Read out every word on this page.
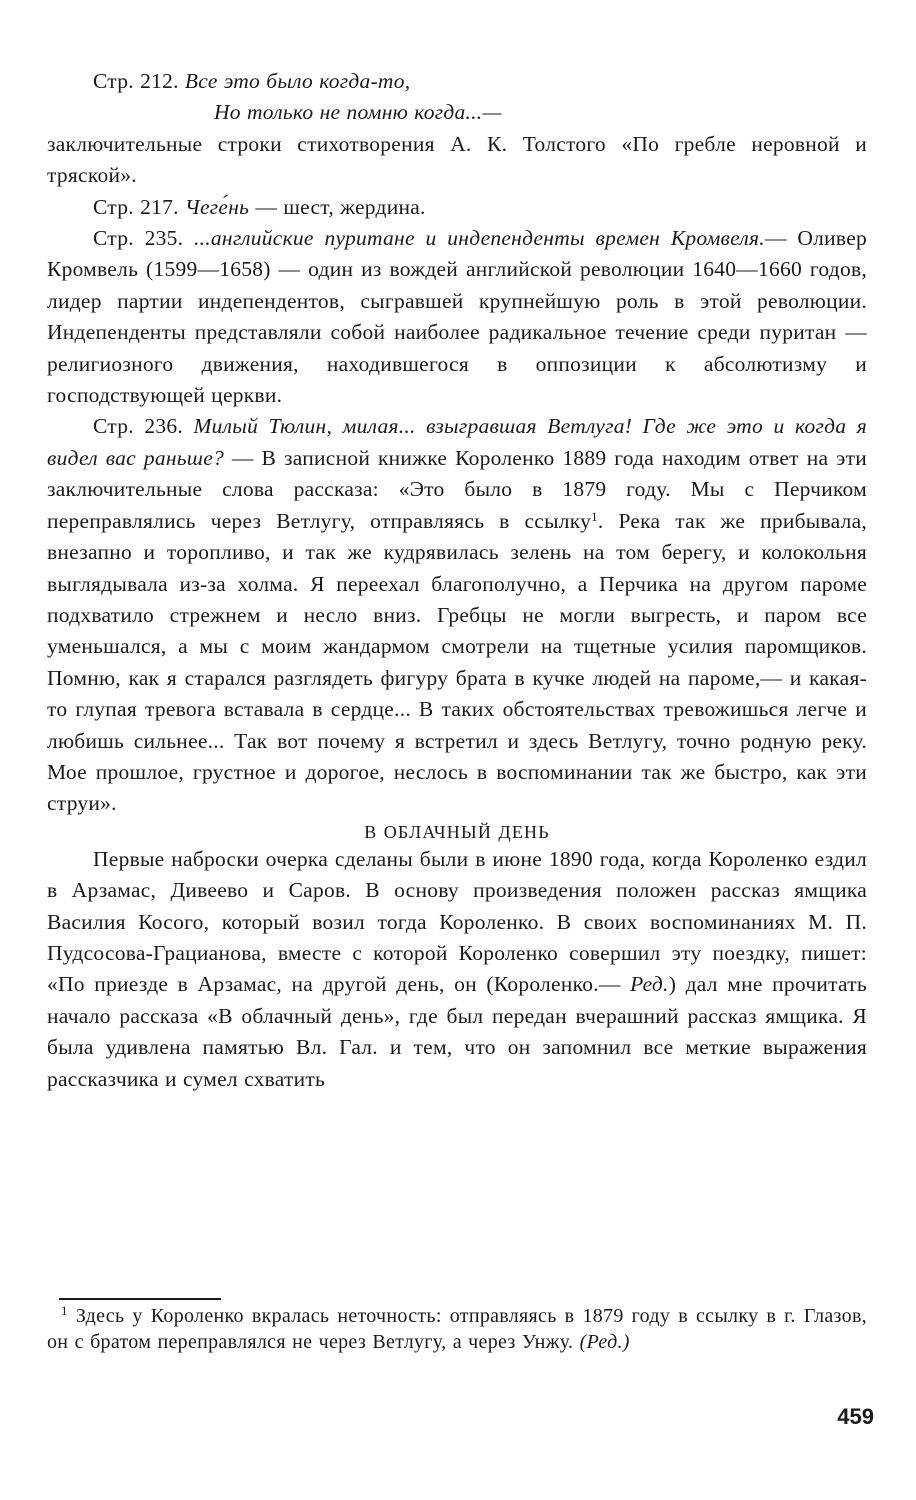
Стр. 212. Все это было когда-то,
Но только не помню когда...—

заключительные строки стихотворения А. К. Толстого «По гребле неровной и тряской».

Стр. 217. Чеге́нь — шест, жердина.

Стр. 235. ...английские пуритане и индепенденты времен Кромвеля.— Оливер Кромвель (1599—1658) — один из вождей английской революции 1640—1660 годов, лидер партии индепендентов, сыгравшей крупнейшую роль в этой революции. Индепенденты представляли собой наиболее радикальное течение среди пуритан — религиозного движения, находившегося в оппозиции к абсолютизму и господствующей церкви.

Стр. 236. Милый Тюлин, милая... взыгравшая Ветлуга! Где же это и когда я видел вас раньше? — В записной книжке Короленко 1889 года находим ответ на эти заключительные слова рассказа: «Это было в 1879 году. Мы с Перчиком переправлялись через Ветлугу, отправляясь в ссылку$^1$. Река так же прибывала, внезапно и торопливо, и так же кудрявилась зелень на том берегу, и колокольня выглядывала из-за холма. Я переехал благополучно, а Перчика на другом пароме подхватило стрежнем и несло вниз. Гребцы не могли выгресть, и паром все уменьшался, а мы с моим жандармом смотрели на тщетные усилия паромщиков. Помню, как я старался разглядеть фигуру брата в кучке людей на пароме,— и какая-то глупая тревога вставала в сердце... В таких обстоятельствах тревожишься легче и любишь сильнее... Так вот почему я встретил и здесь Ветлугу, точно родную реку. Мое прошлое, грустное и дорогое, неслось в воспоминании так же быстро, как эти струи».

В ОБЛАЧНЫЙ ДЕНЬ

Первые наброски очерка сделаны были в июне 1890 года, когда Короленко ездил в Арзамас, Дивеево и Саров. В основу произведения положен рассказ ямщика Василия Косого, который возил тогда Короленко. В своих воспоминаниях М. П. Пудсосова-Грацианова, вместе с которой Короленко совершил эту поездку, пишет: «По приезде в Арзамас, на другой день, он (Короленко.— Ред.) дал мне прочитать начало рассказа «В облачный день», где был передан вчерашний рассказ ямщика. Я была удивлена памятью Вл. Гал. и тем, что он запомнил все меткие выражения рассказчика и сумел схватить

$^1$ Здесь у Короленко вкралась неточность: отправляясь в 1879 году в ссылку в г. Глазов, он с братом переправлялся не через Ветлугу, а через Унжу. (Ред.)

459
